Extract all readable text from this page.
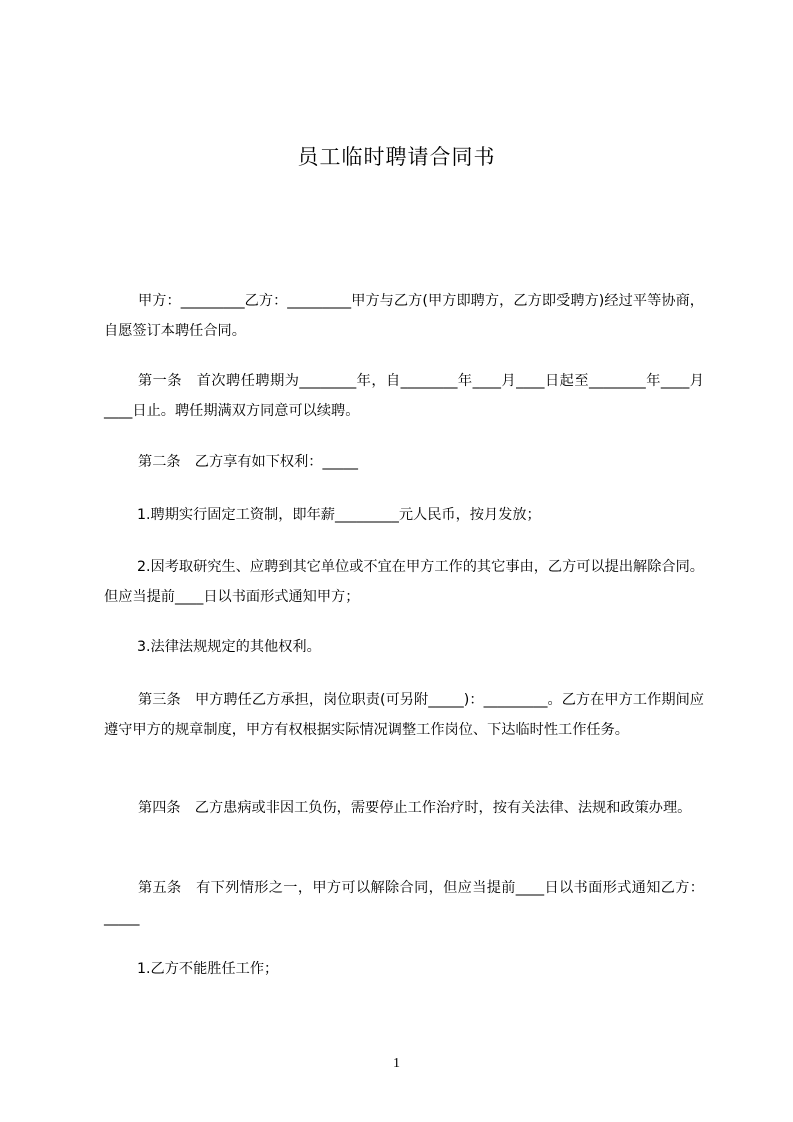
员工临时聘请合同书
甲方：_________乙方：_________甲方与乙方(甲方即聘方，乙方即受聘方)经过平等协商，自愿签订本聘任合同。
第一条　首次聘任聘期为________年，自________年____月____日起至________年____月____日止。聘任期满双方同意可以续聘。
第二条　乙方享有如下权利：_____
1.聘期实行固定工资制，即年薪_________元人民币，按月发放；
2.因考取研究生、应聘到其它单位或不宜在甲方工作的其它事由，乙方可以提出解除合同。但应当提前____日以书面形式通知甲方；
3.法律法规规定的其他权利。
第三条　甲方聘任乙方承担，岗位职责(可另附_____)：_________。乙方在甲方工作期间应遵守甲方的规章制度，甲方有权根据实际情况调整工作岗位、下达临时性工作任务。
第四条　乙方患病或非因工负伤，需要停止工作治疗时，按有关法律、法规和政策办理。
第五条　有下列情形之一，甲方可以解除合同，但应当提前____日以书面形式通知乙方：_____
1.乙方不能胜任工作；
1
